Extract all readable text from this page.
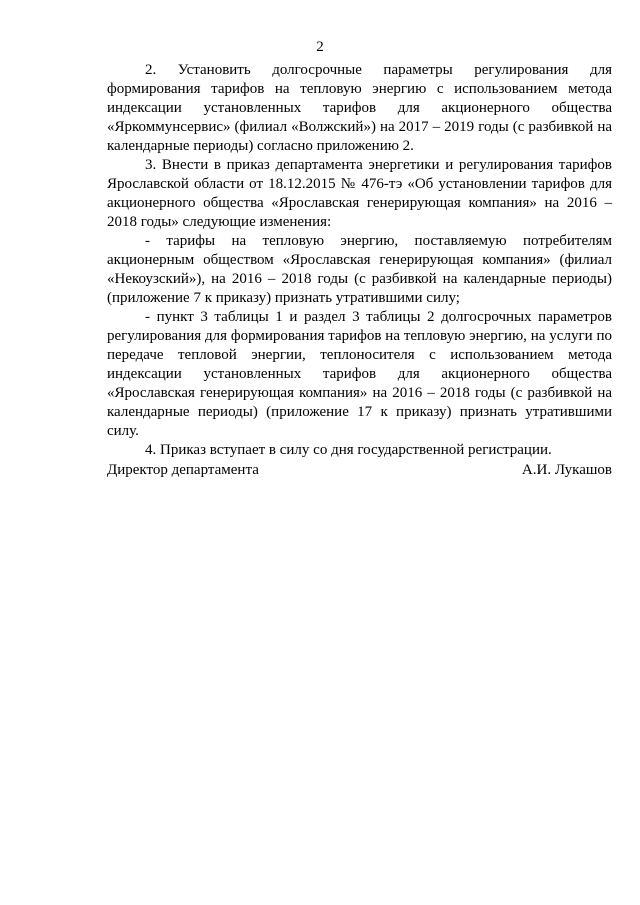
2

2. Установить долгосрочные параметры регулирования для формирования тарифов на тепловую энергию с использованием метода индексации установленных тарифов для акционерного общества «Яркоммунсервис» (филиал «Волжский») на 2017 – 2019 годы (с разбивкой на календарные периоды) согласно приложению 2.

3. Внести в приказ департамента энергетики и регулирования тарифов Ярославской области от 18.12.2015 № 476-тэ «Об установлении тарифов для акционерного общества «Ярославская генерирующая компания» на 2016 – 2018 годы» следующие изменения:

- тарифы на тепловую энергию, поставляемую потребителям акционерным обществом «Ярославская генерирующая компания» (филиал «Некоузский»), на 2016 – 2018 годы (с разбивкой на календарные периоды) (приложение 7 к приказу) признать утратившими силу;

- пункт 3 таблицы 1 и раздел 3 таблицы 2 долгосрочных параметров регулирования для формирования тарифов на тепловую энергию, на услуги по передаче тепловой энергии, теплоносителя с использованием метода индексации установленных тарифов для акционерного общества «Ярославская генерирующая компания» на 2016 – 2018 годы (с разбивкой на календарные периоды) (приложение 17 к приказу) признать утратившими силу.

4. Приказ вступает в силу со дня государственной регистрации.

Директор департамента	А.И. Лукашов
